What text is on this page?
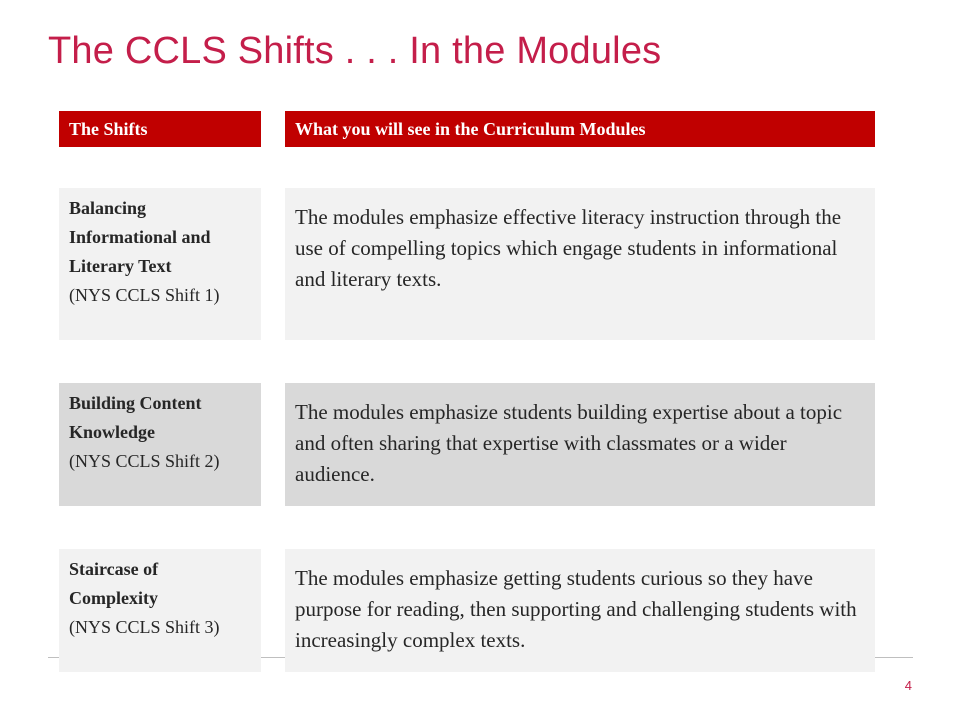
The CCLS Shifts . . . In the Modules
The Shifts	What you will see in the Curriculum Modules
Balancing Informational and Literary Text
(NYS CCLS Shift 1)
The modules emphasize effective literacy instruction through the use of compelling topics which engage students in informational and literary texts.
Building Content Knowledge
(NYS CCLS Shift 2)
The modules emphasize students building expertise about a topic and often sharing that expertise with classmates or a wider audience.
Staircase of Complexity
(NYS CCLS Shift 3)
The modules emphasize getting students curious so they have purpose for reading, then supporting and challenging students with increasingly complex texts.
4
